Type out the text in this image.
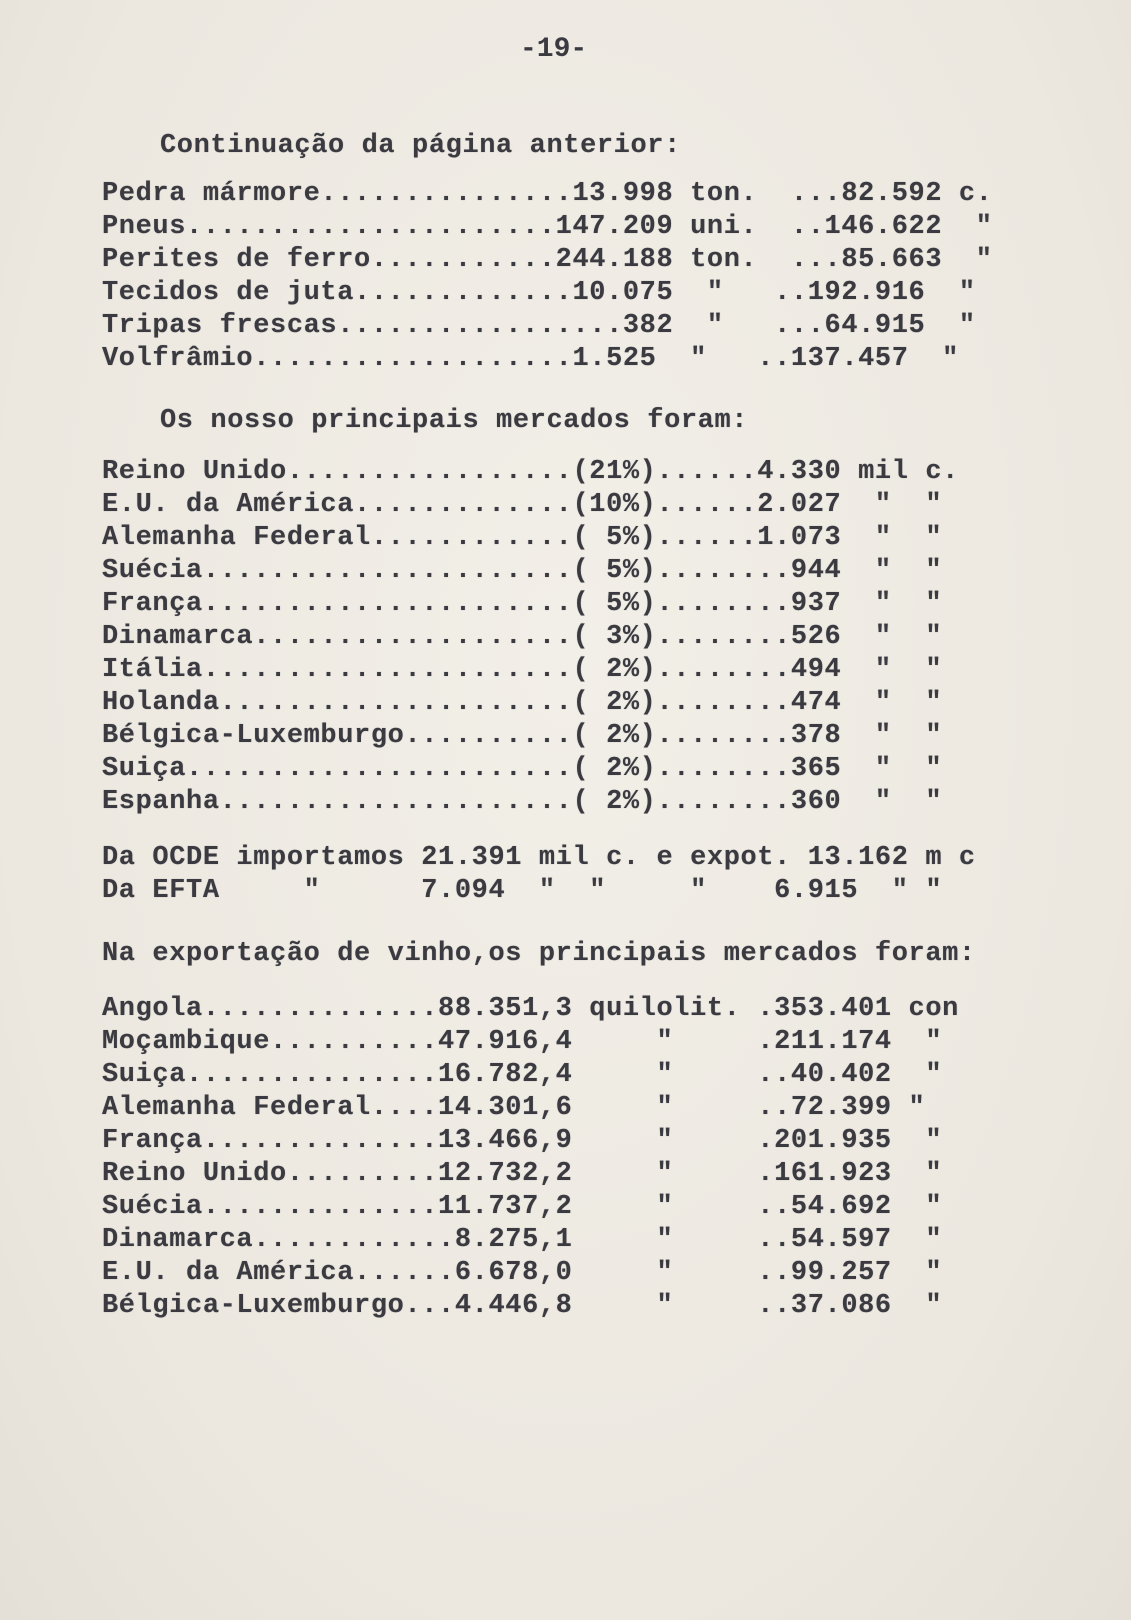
-19-
Continuação da página anterior:
Pedra mármore...............13.998 ton.  ...82.592 c.
Pneus......................147.209 uni.  ..146.622  "
Perites de ferro...........244.188 ton.  ...85.663  "
Tecidos de juta.............10.075  "   ..192.916  "
Tripas frescas.................382  "   ...64.915  "
Volfrâmio...................1.525  "   ..137.457  "
Os nosso principais mercados foram:
Reino Unido.................(21%)......4.330 mil c.
E.U. da América.............(10%)......2.027  "  "
Alemanha Federal............( 5%)......1.073  "  "
Suécia......................( 5%)........944  "  "
França......................( 5%)........937  "  "
Dinamarca...................( 3%)........526  "  "
Itália......................( 2%)........494  "  "
Holanda.....................( 2%)........474  "  "
Bélgica-Luxemburgo..........( 2%)........378  "  "
Suiça.......................( 2%)........365  "  "
Espanha.....................( 2%)........360  "  "
Da OCDE importamos 21.391 mil c. e expot. 13.162 m c
Da EFTA     "      7.094  "  "     "    6.915  " "
Na exportação de vinho,os principais mercados foram:
Angola..............88.351,3 quilolit. .353.401 con
Moçambique..........47.916,4     "     .211.174  "
Suiça...............16.782,4     "     ..40.402  "
Alemanha Federal....14.301,6     "     ..72.399 "
França..............13.466,9     "     .201.935  "
Reino Unido.........12.732,2     "     .161.923  "
Suécia..............11.737,2     "     ..54.692  "
Dinamarca............8.275,1     "     ..54.597  "
E.U. da América......6.678,0     "     ..99.257  "
Bélgica-Luxemburgo...4.446,8     "     ..37.086  "
